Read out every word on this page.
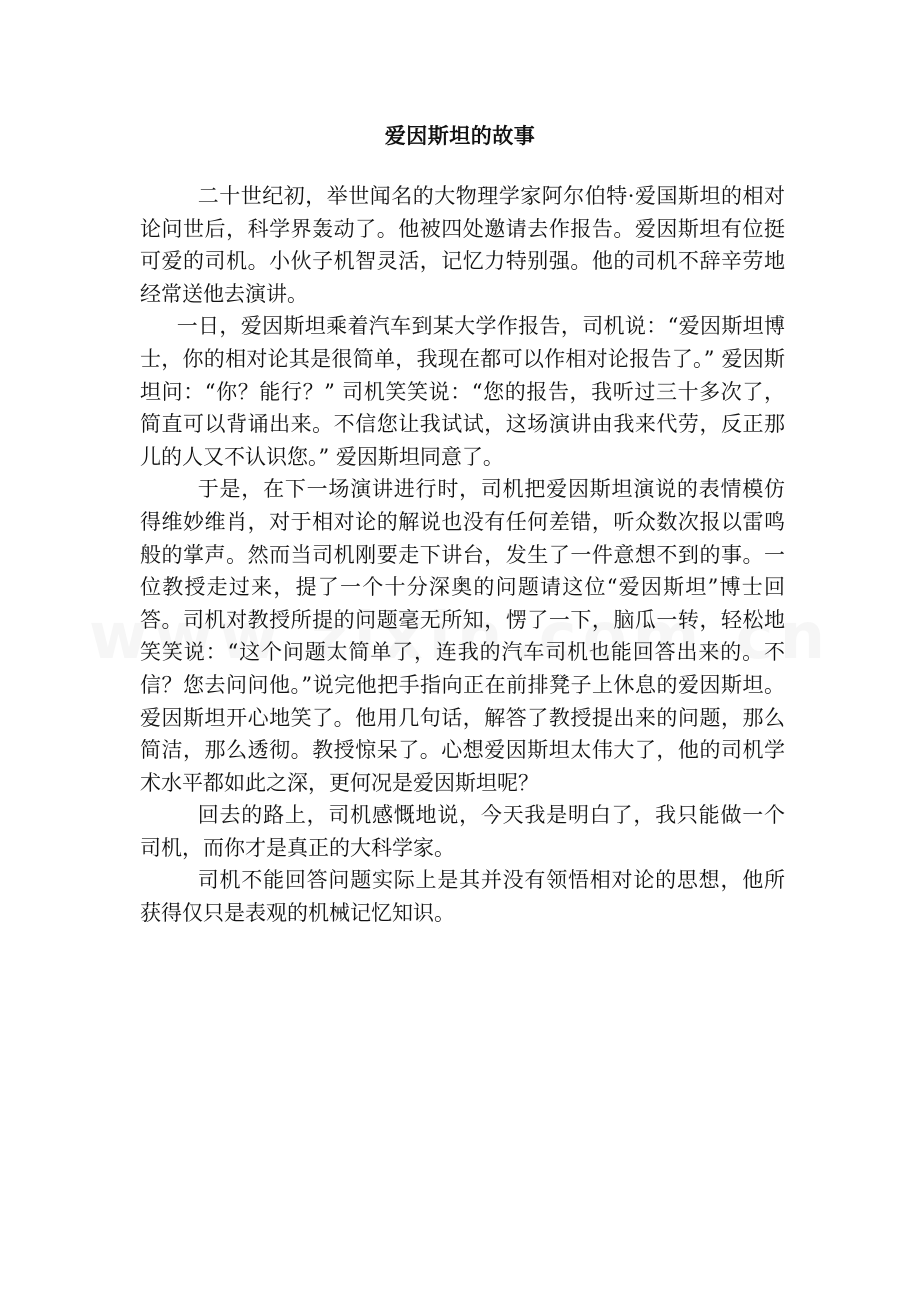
爱因斯坦的故事

二十世纪初，举世闻名的大物理学家阿尔伯特·爱国斯坦的相对论问世后，科学界轰动了。他被四处邀请去作报告。爱因斯坦有位挺可爱的司机。小伙子机智灵活，记忆力特别强。他的司机不辞辛劳地经常送他去演讲。

一日，爱因斯坦乘着汽车到某大学作报告，司机说：“爱因斯坦博士，你的相对论其是很简单，我现在都可以作相对论报告了。” 爱因斯坦问：“你？能行？” 司机笑笑说：“您的报告，我听过三十多次了，简直可以背诵出来。不信您让我试试，这场演讲由我来代劳，反正那儿的人又不认识您。” 爱因斯坦同意了。

于是，在下一场演讲进行时，司机把爱因斯坦演说的表情模仿得维妙维肖，对于相对论的解说也没有任何差错，听众数次报以雷鸣般的掌声。然而当司机刚要走下讲台，发生了一件意想不到的事。一位教授走过来，提了一个十分深奥的问题请这位“爱因斯坦”博士回答。司机对教授所提的问题毫无所知，愣了一下，脑瓜一转，轻松地笑笑说：“这个问题太简单了，连我的汽车司机也能回答出来的。不信？您去问问他。”说完他把手指向正在前排凳子上休息的爱因斯坦。爱因斯坦开心地笑了。他用几句话，解答了教授提出来的问题，那么简洁，那么透彻。教授惊呆了。心想爱因斯坦太伟大了，他的司机学术水平都如此之深，更何况是爱因斯坦呢？

回去的路上，司机感慨地说，今天我是明白了，我只能做一个司机，而你才是真正的大科学家。

司机不能回答问题实际上是其并没有领悟相对论的思想，他所获得仅只是表观的机械记忆知识。
